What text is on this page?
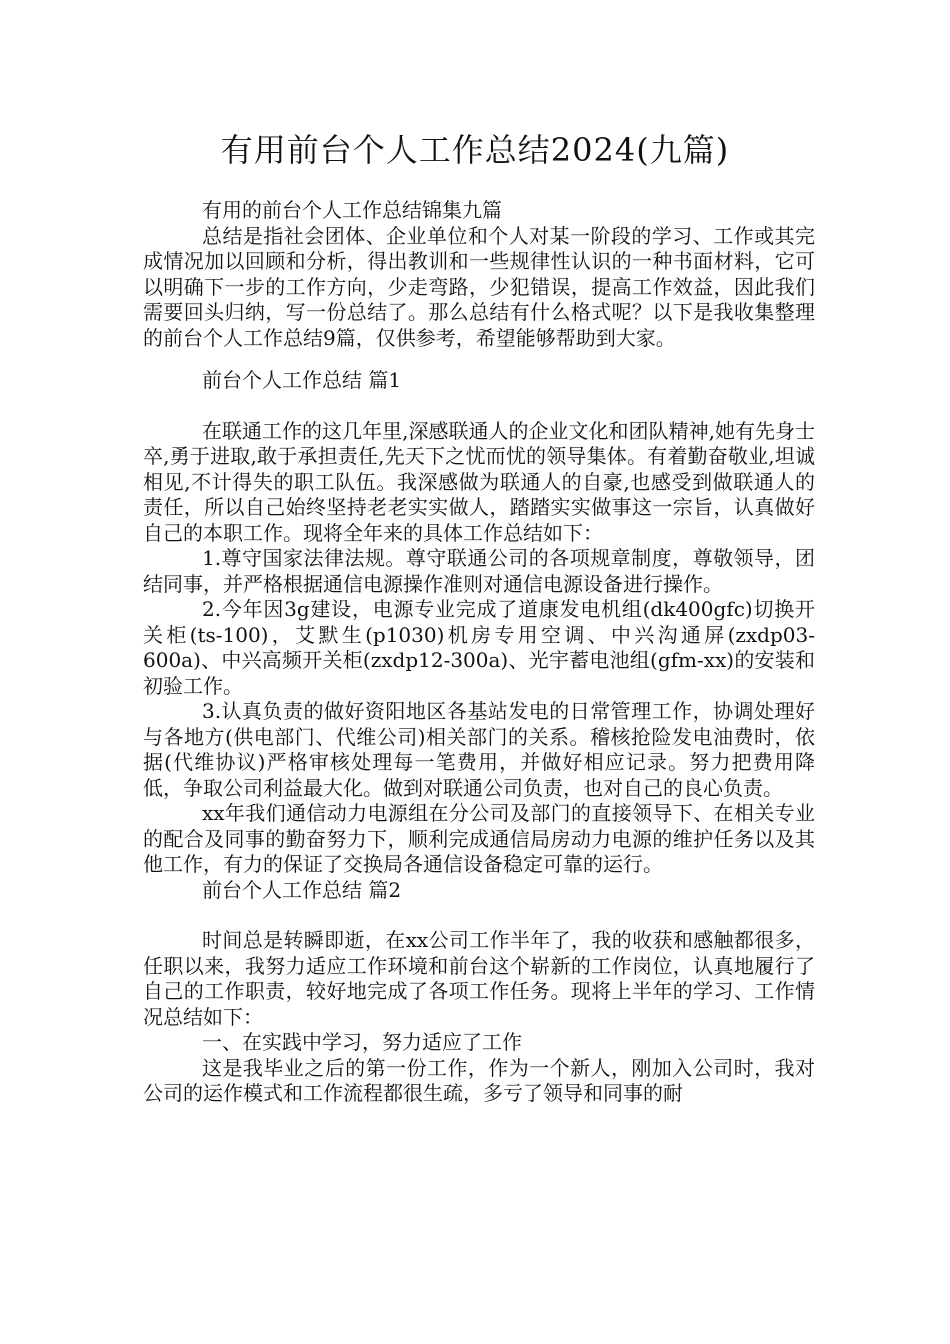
有用前台个人工作总结2024(九篇)

有用的前台个人工作总结锦集九篇

总结是指社会团体、企业单位和个人对某一阶段的学习、工作或其完成情况加以回顾和分析，得出教训和一些规律性认识的一种书面材料，它可以明确下一步的工作方向，少走弯路，少犯错误，提高工作效益，因此我们需要回头归纳，写一份总结了。那么总结有什么格式呢？以下是我收集整理的前台个人工作总结9篇，仅供参考，希望能够帮助到大家。

前台个人工作总结 篇1

在联通工作的这几年里,深感联通人的企业文化和团队精神,她有先身士卒,勇于进取,敢于承担责任,先天下之忧而忧的领导集体。有着勤奋敬业,坦诚相见,不计得失的职工队伍。我深感做为联通人的自豪,也感受到做联通人的责任，所以自己始终坚持老老实实做人，踏踏实实做事这一宗旨，认真做好自己的本职工作。现将全年来的具体工作总结如下：

1.尊守国家法律法规。尊守联通公司的各项规章制度，尊敬领导，团结同事，并严格根据通信电源操作准则对通信电源设备进行操作。

2.今年因3g建设，电源专业完成了道康发电机组(dk400gfc)切换开关柜(ts-100)，艾默生(p1030)机房专用空调、中兴沟通屏(zxdp03-600a)、中兴高频开关柜(zxdp12-300a)、光宇蓄电池组(gfm-xx)的安装和初验工作。

3.认真负责的做好资阳地区各基站发电的日常管理工作，协调处理好与各地方(供电部门、代维公司)相关部门的关系。稽核抢险发电油费时，依据(代维协议)严格审核处理每一笔费用，并做好相应记录。努力把费用降低，争取公司利益最大化。做到对联通公司负责，也对自己的良心负责。

xx年我们通信动力电源组在分公司及部门的直接领导下、在相关专业的配合及同事的勤奋努力下，顺利完成通信局房动力电源的维护任务以及其他工作，有力的保证了交换局各通信设备稳定可靠的运行。

前台个人工作总结 篇2

时间总是转瞬即逝，在xx公司工作半年了，我的收获和感触都很多，任职以来，我努力适应工作环境和前台这个崭新的工作岗位，认真地履行了自己的工作职责，较好地完成了各项工作任务。现将上半年的学习、工作情况总结如下：

一、在实践中学习，努力适应了工作

这是我毕业之后的第一份工作，作为一个新人，刚加入公司时，我对公司的运作模式和工作流程都很生疏，多亏了领导和同事的耐
